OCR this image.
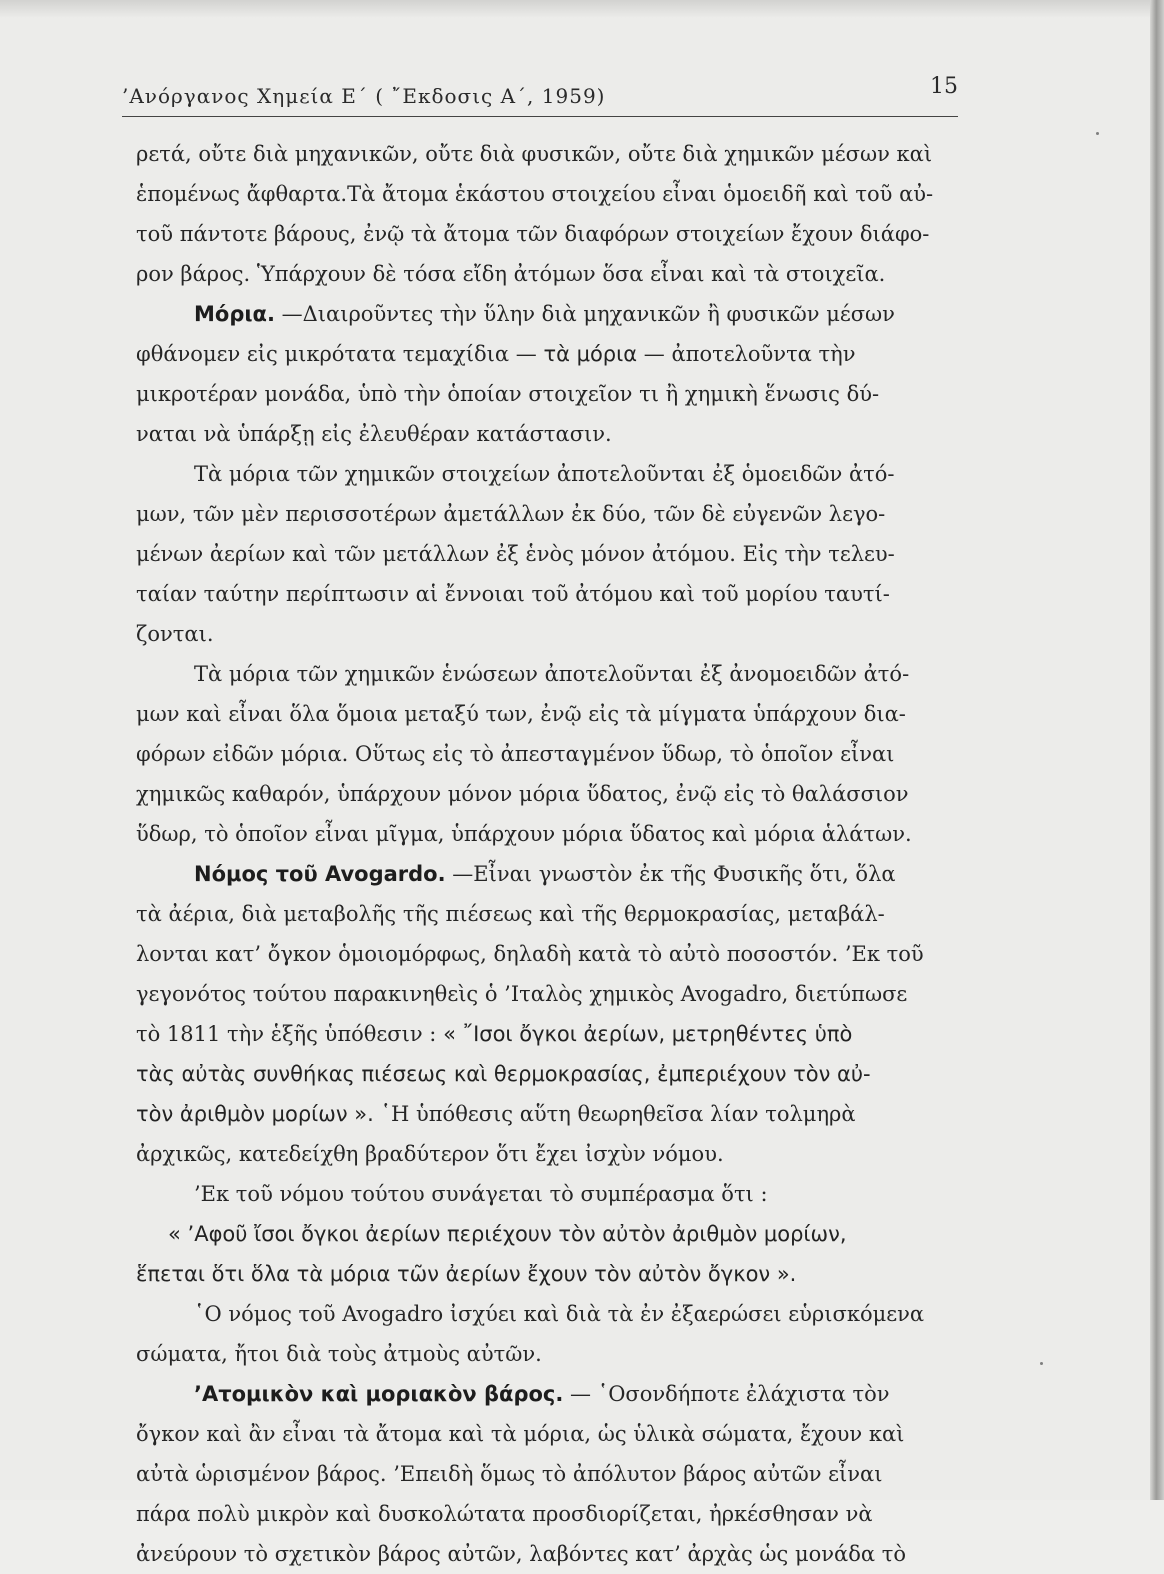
’Ανόργανος Χημεία Ε΄ ( ῎Εκδοσις Α΄, 1959)	15
ρετά, οὔτε διὰ μηχανικῶν, οὔτε διὰ φυσικῶν, οὔτε διὰ χημικῶν μέσων καὶ
ἑπομένως ἄφθαρτα.Τὰ ἄτομα ἑκάστου στοιχείου εἶναι ὁμοειδῆ καὶ τοῦ αὐ-
τοῦ πάντοτε βάρους, ἐνῷ τὰ ἄτομα τῶν διαφόρων στοιχείων ἔχουν διάφο-
ρον βάρος. Ὑπάρχουν δὲ τόσα εἴδη ἀτόμων ὅσα εἶναι καὶ τὰ στοιχεῖα.
Μόρια. —Διαιροῦντες τὴν ὕλην διὰ μηχανικῶν ἢ φυσικῶν μέσων
φθάνομεν εἰς μικρότατα τεμαχίδια — τὰ μόρια — ἀποτελοῦντα τὴν
μικροτέραν μονάδα, ὑπὸ τὴν ὁποίαν στοιχεῖον τι ἢ χημικὴ ἕνωσις δύ-
ναται νὰ ὑπάρξῃ εἰς ἐλευθέραν κατάστασιν.
Τὰ μόρια τῶν χημικῶν στοιχείων ἀποτελοῦνται ἐξ ὁμοειδῶν ἀτό-
μων, τῶν μὲν περισσοτέρων ἀμετάλλων ἐκ δύο, τῶν δὲ εὐγενῶν λεγο-
μένων ἀερίων καὶ τῶν μετάλλων ἐξ ἑνὸς μόνον ἀτόμου. Εἰς τὴν τελευ-
ταίαν ταύτην περίπτωσιν αἱ ἔννοιαι τοῦ ἀτόμου καὶ τοῦ μορίου ταυτί-
ζονται.
Τὰ μόρια τῶν χημικῶν ἑνώσεων ἀποτελοῦνται ἐξ ἀνομοειδῶν ἀτό-
μων καὶ εἶναι ὅλα ὅμοια μεταξύ των, ἐνῷ εἰς τὰ μίγματα ὑπάρχουν δια-
φόρων εἰδῶν μόρια. Οὕτως εἰς τὸ ἀπεσταγμένον ὕδωρ, τὸ ὁποῖον εἶναι
χημικῶς καθαρόν, ὑπάρχουν μόνον μόρια ὕδατος, ἐνῷ εἰς τὸ θαλάσσιον
ὕδωρ, τὸ ὁποῖον εἶναι μῖγμα, ὑπάρχουν μόρια ὕδατος καὶ μόρια ἁλάτων.
Νόμος τοῦ Avogardo. —Εἶναι γνωστὸν ἐκ τῆς Φυσικῆς ὅτι, ὅλα
τὰ ἀέρια, διὰ μεταβολῆς τῆς πιέσεως καὶ τῆς θερμοκρασίας, μεταβάλ-
λονται κατ’ ὄγκον ὁμοιομόρφως, δηλαδὴ κατὰ τὸ αὐτὸ ποσοστόν. ’Εκ τοῦ
γεγονότος τούτου παρακινηθεὶς ὁ ’Ιταλὸς χημικὸς Avogadro, διετύπωσε
τὸ 1811 τὴν ἑξῆς ὑπόθεσιν : « ῎Ισοι ὄγκοι ἀερίων, μετρηθέντες ὑπὸ
τὰς αὐτὰς συνθήκας πιέσεως καὶ θερμοκρασίας, ἐμπεριέχουν τὸν αὐ-
τὸν ἀριθμὸν μορίων ». ῾Η ὑπόθεσις αὕτη θεωρηθεῖσα λίαν τολμηρὰ
ἀρχικῶς, κατεδείχθη βραδύτερον ὅτι ἔχει ἰσχὺν νόμου.
’Εκ τοῦ νόμου τούτου συνάγεται τὸ συμπέρασμα ὅτι :
« ’Αφοῦ ἴσοι ὄγκοι ἀερίων περιέχουν τὸν αὐτὸν ἀριθμὸν μορίων,
ἕπεται ὅτι ὅλα τὰ μόρια τῶν ἀερίων ἔχουν τὸν αὐτὸν ὄγκον ».
῾Ο νόμος τοῦ Avogadro ἰσχύει καὶ διὰ τὰ ἐν ἐξαερώσει εὑρισκόμενα
σώματα, ἤτοι διὰ τοὺς ἀτμοὺς αὐτῶν.
’Ατομικὸν καὶ μοριακὸν βάρος. — ῾Οσονδήποτε ἐλάχιστα τὸν
ὄγκον καὶ ἂν εἶναι τὰ ἄτομα καὶ τὰ μόρια, ὡς ὑλικὰ σώματα, ἔχουν καὶ
αὐτὰ ὡρισμένον βάρος. ’Επειδὴ ὅμως τὸ ἀπόλυτον βάρος αὐτῶν εἶναι
πάρα πολὺ μικρὸν καὶ δυσκολώτατα προσδιορίζεται, ἠρκέσθησαν νὰ
ἀνεύρουν τὸ σχετικὸν βάρος αὐτῶν, λαβόντες κατ’ ἀρχὰς ὡς μονάδα τὸ
